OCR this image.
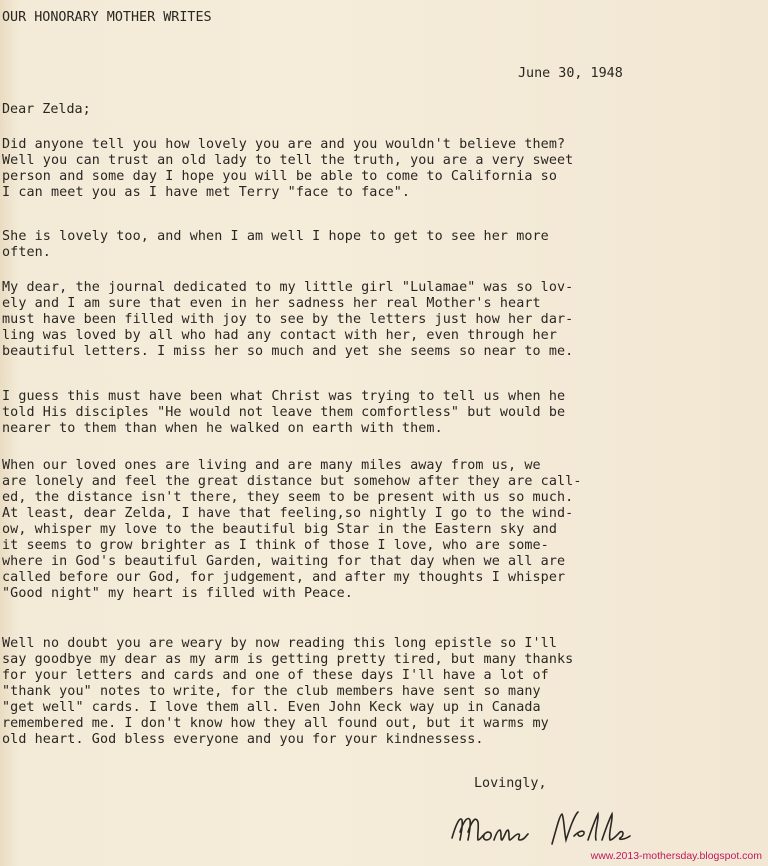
OUR HONORARY MOTHER WRITES
June 30, 1948
Dear Zelda;
Did anyone tell you how lovely you are and you wouldn't believe them?
Well you can trust an old lady to tell the truth, you are a very sweet
person and some day I hope you will be able to come to California so
I can meet you as I have met Terry "face to face".
She is lovely too, and when I am well I hope to get to see her more
often.
My dear, the journal dedicated to my little girl "Lulamae" was so lov-
ely and I am sure that even in her sadness her real Mother's heart
must have been filled with joy to see by the letters just how her dar-
ling was loved by all who had any contact with her, even through her
beautiful letters. I miss her so much and yet she seems so near to me.
I guess this must have been what Christ was trying to tell us when he
told His disciples "He would not leave them comfortless" but would be
nearer to them than when he walked on earth with them.
When our loved ones are living and are many miles away from us, we
are lonely and feel the great distance but somehow after they are call-
ed, the distance isn't there, they seem to be present with us so much.
At least, dear Zelda, I have that feeling,so nightly I go to the wind-
ow, whisper my love to the beautiful big Star in the Eastern sky and
it seems to grow brighter as I think of those I love, who are some-
where in God's beautiful Garden, waiting for that day when we all are
called before our God, for judgement, and after my thoughts I whisper
"Good night" my heart is filled with Peace.
Well no doubt you are weary by now reading this long epistle so I'll
say goodbye my dear as my arm is getting pretty tired, but many thanks
for your letters and cards and one of these days I'll have a lot of
"thank you" notes to write, for the club members have sent so many
"get well" cards. I love them all. Even John Keck way up in Canada
remembered me. I don't know how they all found out, but it warms my
old heart. God bless everyone and you for your kindnessess.
Lovingly,
www.2013-mothersday.blogspot.com
